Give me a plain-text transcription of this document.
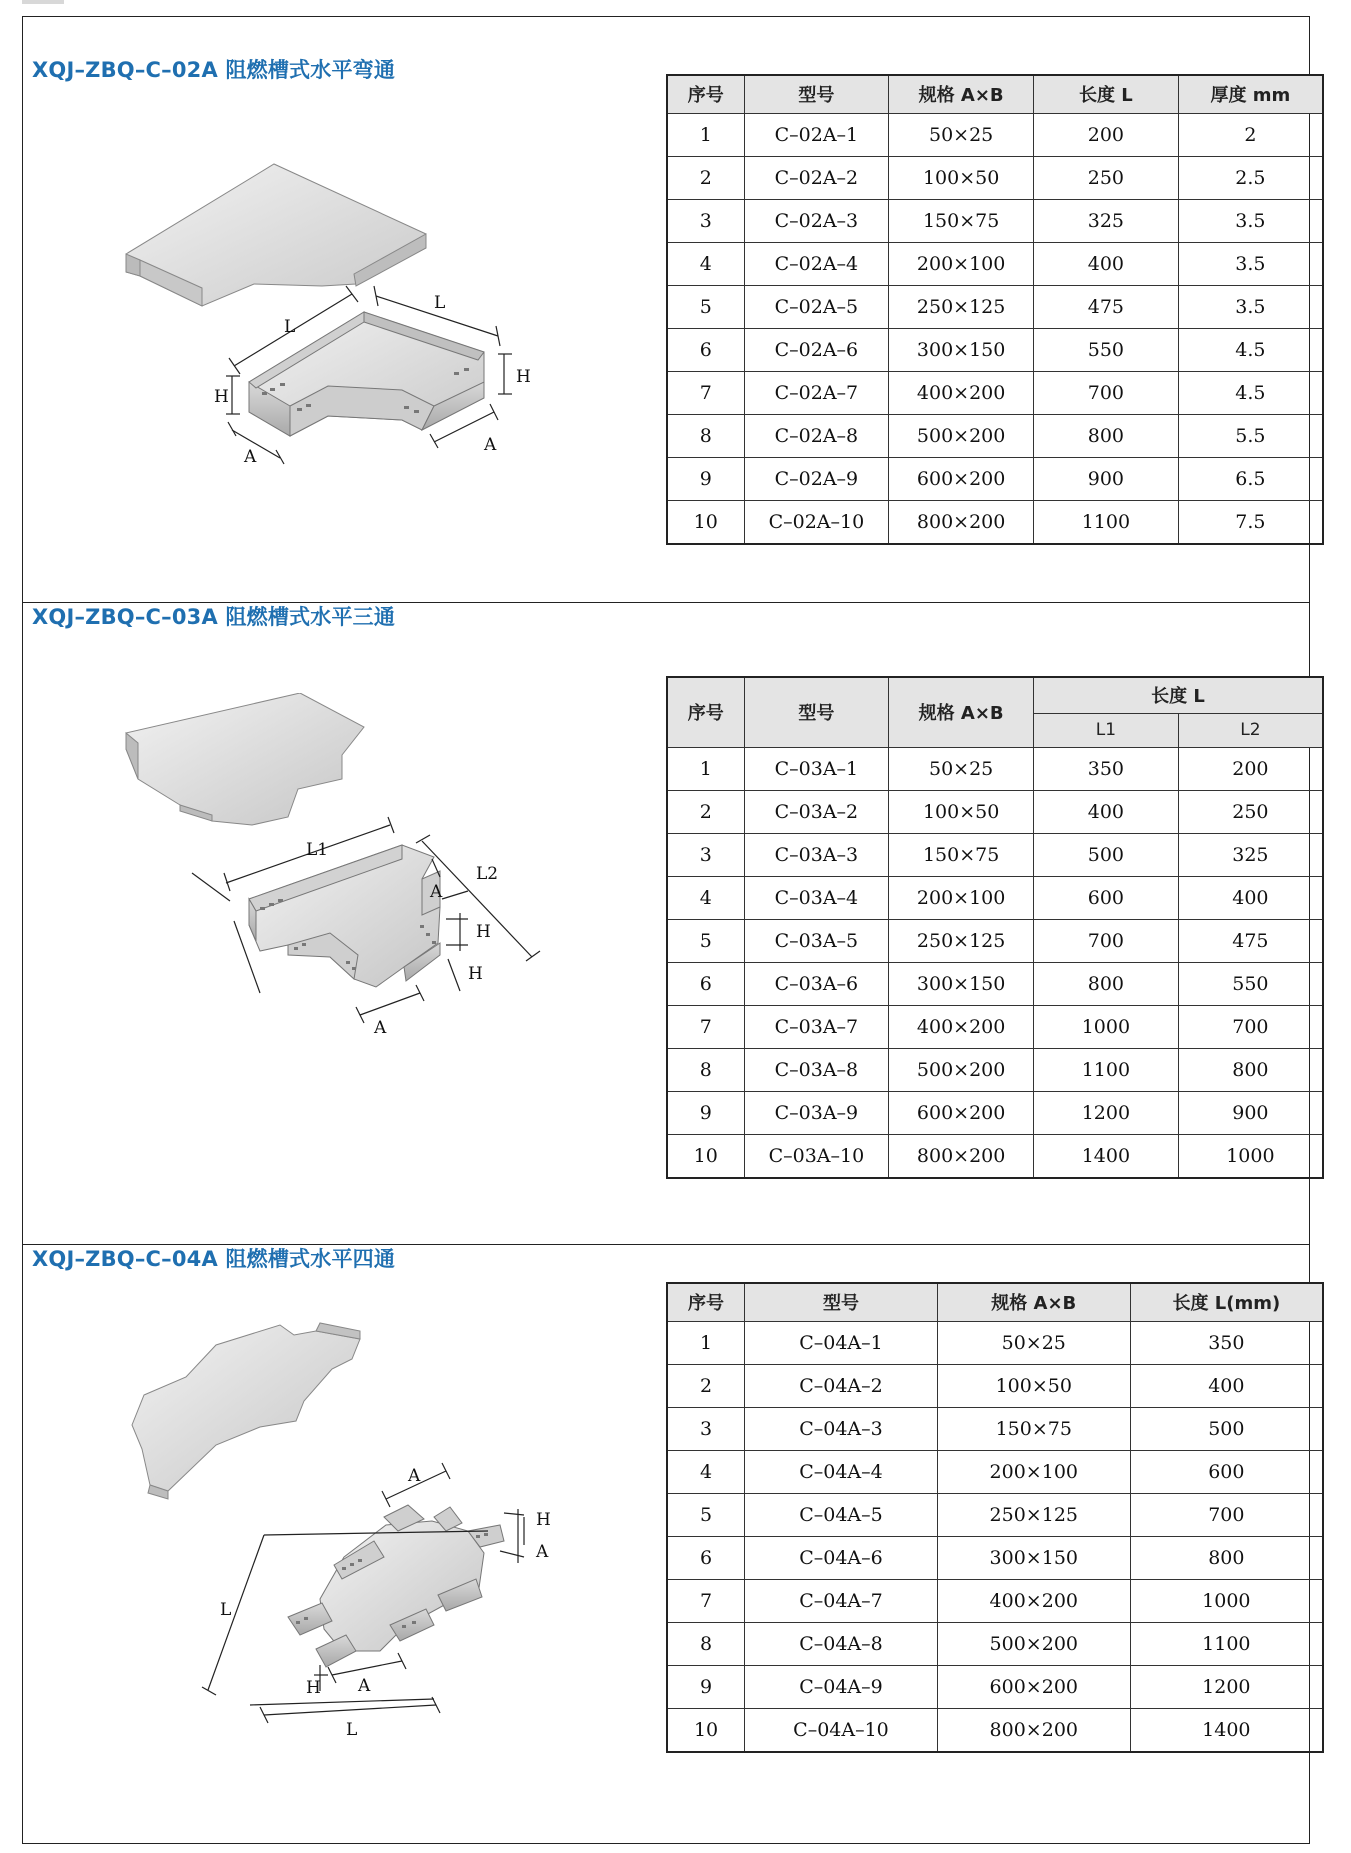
XQJ–ZBQ–C–02A 阻燃槽式水平弯通
L
L
H
H
A
A
序号	型号	规格 A×B	长度 L	厚度 mm
1	C–02A–1	50×25	200	2
2	C–02A–2	100×50	250	2.5
3	C–02A–3	150×75	325	3.5
4	C–02A–4	200×100	400	3.5
5	C–02A–5	250×125	475	3.5
6	C–02A–6	300×150	550	4.5
7	C–02A–7	400×200	700	4.5
8	C–02A–8	500×200	800	5.5
9	C–02A–9	600×200	900	6.5
10	C–02A–10	800×200	1100	7.5
XQJ–ZBQ–C–03A 阻燃槽式水平三通
L1
L2
A
H
H
A
序号	型号	规格 A×B	长度 L	
			L1	L2
1	C–03A–1	50×25	350	200
2	C–03A–2	100×50	400	250
3	C–03A–3	150×75	500	325
4	C–03A–4	200×100	600	400
5	C–03A–5	250×125	700	475
6	C–03A–6	300×150	800	550
7	C–03A–7	400×200	1000	700
8	C–03A–8	500×200	1100	800
9	C–03A–9	600×200	1200	900
10	C–03A–10	800×200	1400	1000
XQJ–ZBQ–C–04A 阻燃槽式水平四通
A
H
A
L
H A
L
序号	型号	规格 A×B	长度 L(mm)
1	C–04A–1	50×25	350
2	C–04A–2	100×50	400
3	C–04A–3	150×75	500
4	C–04A–4	200×100	600
5	C–04A–5	250×125	700
6	C–04A–6	300×150	800
7	C–04A–7	400×200	1000
8	C–04A–8	500×200	1100
9	C–04A–9	600×200	1200
10	C–04A–10	800×200	1400
